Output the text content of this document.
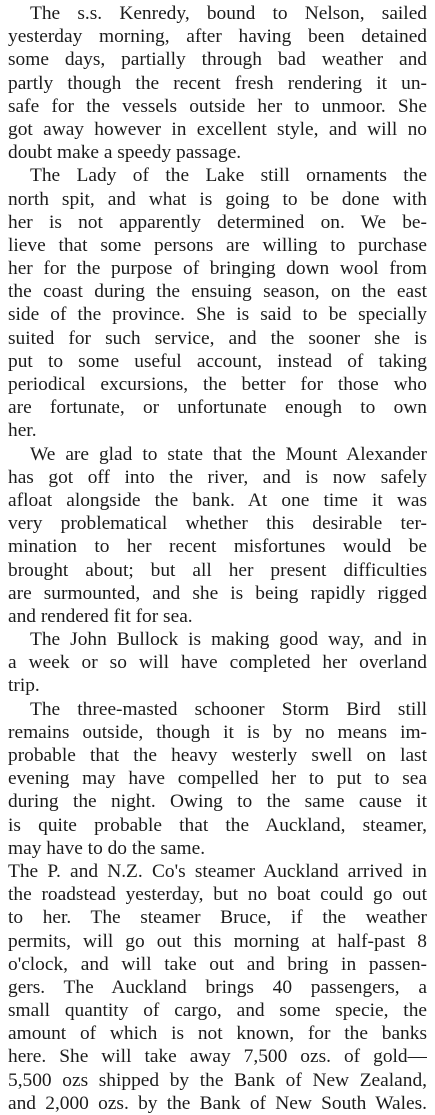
The s.s. Kenredy, bound to Nelson, sailed
yesterday morning, after having been detained
some days, partially through bad weather and
partly though the recent fresh rendering it un-
safe for the vessels outside her to unmoor. She
got away however in excellent style, and will no
doubt make a speedy passage.
The Lady of the Lake still ornaments the
north spit, and what is going to be done with
her is not apparently determined on. We be-
lieve that some persons are willing to purchase
her for the purpose of bringing down wool from
the coast during the ensuing season, on the east
side of the province. She is said to be specially
suited for such service, and the sooner she is
put to some useful account, instead of taking
periodical excursions, the better for those who
are fortunate, or unfortunate enough to own
her.
We are glad to state that the Mount Alexander
has got off into the river, and is now safely
afloat alongside the bank. At one time it was
very problematical whether this desirable ter-
mination to her recent misfortunes would be
brought about; but all her present difficulties
are surmounted, and she is being rapidly rigged
and rendered fit for sea.
The John Bullock is making good way, and in
a week or so will have completed her overland
trip.
The three-masted schooner Storm Bird still
remains outside, though it is by no means im-
probable that the heavy westerly swell on last
evening may have compelled her to put to sea
during the night. Owing to the same cause it
is quite probable that the Auckland, steamer,
may have to do the same.
The P. and N.Z. Co's steamer Auckland arrived in
the roadstead yesterday, but no boat could go out
to her. The steamer Bruce, if the weather
permits, will go out this morning at half-past 8
o'clock, and will take out and bring in passen-
gers. The Auckland brings 40 passengers, a
small quantity of cargo, and some specie, the
amount of which is not known, for the banks
here. She will take away 7,500 ozs. of gold—
5,500 ozs shipped by the Bank of New Zealand,
and 2,000 ozs. by the Bank of New South Wales.
